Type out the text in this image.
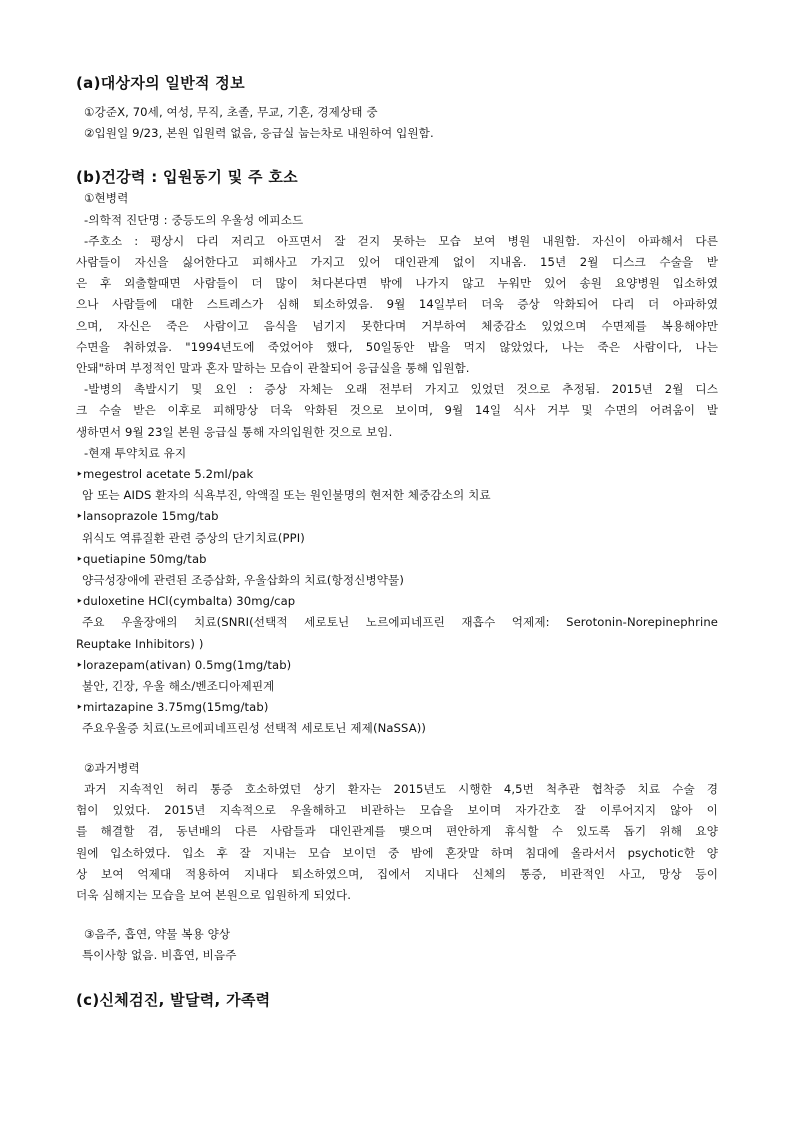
(a)대상자의 일반적 정보
①강준X, 70세, 여성, 무직, 초졸, 무교, 기혼, 경제상태 중
②입원일 9/23, 본원 입원력 없음, 응급실 눕는차로 내원하여 입원함.
(b)건강력 : 입원동기 및 주 호소
①현병력
-의학적 진단명 : 중등도의 우울성 에피소드
-주호소 : 평상시 다리 저리고 아프면서 잘 걷지 못하는 모습 보여 병원 내원함. 자신이 아파해서 다른
사람들이 자신을 싫어한다고 피해사고 가지고 있어 대인관계 없이 지내옴. 15년 2월 디스크 수술을 받
은 후 외출할때면 사람들이 더 많이 쳐다본다면 밖에 나가지 않고 누워만 있어 송원 요양병원 입소하였
으나 사람들에 대한 스트레스가 심해 퇴소하였음. 9월 14일부터 더욱 증상 악화되어 다리 더 아파하였
으며, 자신은 죽은 사람이고 음식을 넘기지 못한다며 거부하여 체중감소 있었으며 수면제를 복용해야만
수면을 취하였음. "1994년도에 죽었어야 했다, 50일동안 밥을 먹지 않았었다, 나는 죽은 사람이다, 나는
안돼"하며 부정적인 말과 혼자 말하는 모습이 관찰되어 응급실을 통해 입원함.
-발병의 촉발시기 및 요인 : 증상 자체는 오래 전부터 가지고 있었던 것으로 추정됨. 2015년 2월 디스
크 수술 받은 이후로 피해망상 더욱 악화된 것으로 보이며, 9월 14일 식사 거부 및 수면의 어려움이 발
생하면서 9월 23일 본원 응급실 통해 자의입원한 것으로 보임.
-현재 투약치료 유지
‣megestrol acetate 5.2ml/pak
암 또는 AIDS 환자의 식욕부진, 악액질 또는 원인불명의 현저한 체중감소의 치료
‣lansoprazole 15mg/tab
위식도 역류질환 관련 증상의 단기치료(PPI)
‣quetiapine 50mg/tab
양극성장애에 관련된 조증삽화, 우울삽화의 치료(항정신병약물)
‣duloxetine HCl(cymbalta) 30mg/cap
주요 우울장애의 치료(SNRI(선택적 세로토닌 노르에피네프린 재흡수 억제제: Serotonin-Norepinephrine
Reuptake Inhibitors) )
‣lorazepam(ativan) 0.5mg(1mg/tab)
불안, 긴장, 우울 해소/벤조디아제핀계
‣mirtazapine 3.75mg(15mg/tab)
주요우울증 치료(노르에피네프린성 선택적 세로토닌 제제(NaSSA))
②과거병력
과거 지속적인 허리 통증 호소하였던 상기 환자는 2015년도 시행한 4,5번 척추관 협착증 치료 수술 경
험이 있었다. 2015년 지속적으로 우울해하고 비관하는 모습을 보이며 자가간호 잘 이루어지지 않아 이
를 해결할 겸, 동년배의 다른 사람들과 대인관계를 맺으며 편안하게 휴식할 수 있도록 돕기 위해 요양
원에 입소하였다. 입소 후 잘 지내는 모습 보이던 중 밤에 혼잣말 하며 침대에 올라서서 psychotic한 양
상 보여 억제대 적용하여 지내다 퇴소하였으며, 집에서 지내다 신체의 통증, 비관적인 사고, 망상 등이
더욱 심해지는 모습을 보여 본원으로 입원하게 되었다.
③음주, 흡연, 약물 복용 양상
특이사항 없음. 비흡연, 비음주
(c)신체검진, 발달력, 가족력
